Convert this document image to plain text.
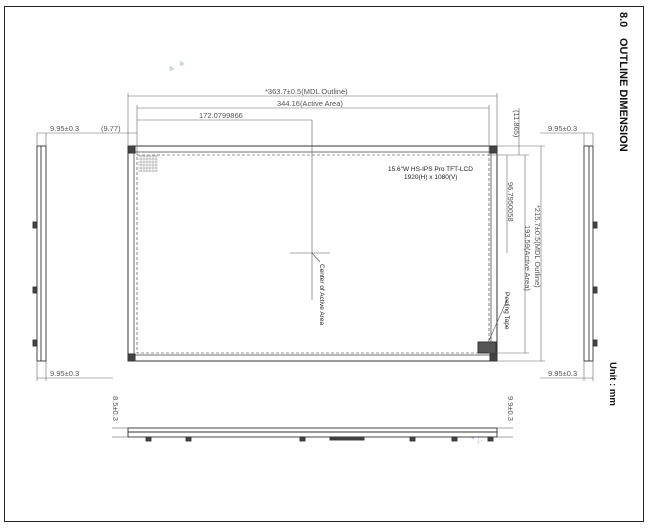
▲ ▲
• Y
8.0
OUTLINE DIMENSION
Unit : mm
*363.7±0.5(MDL Outline)
344.16(Active Area)
172.0799866
(9.77)	(11.865)
96.7950058
193.59(Active Area) *215.7±0.5(MDL Outline)
15.6"W HS-IPS Pro TFT-LCD
1920(H) x 1080(V)
Center of Active Area	Peeling Tape
9.95±0.3
9.95±0.3
9.95±0.3
9.95±0.3
8.5±0.3	9.9±0.3
